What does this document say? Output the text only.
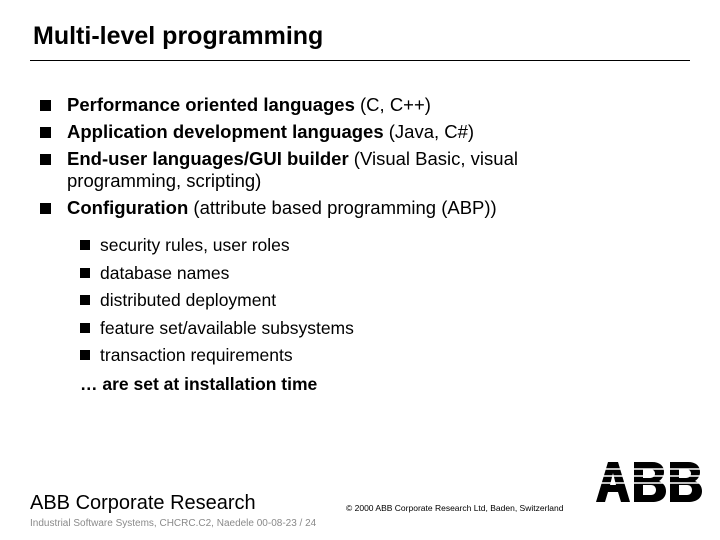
Multi-level programming
Performance oriented languages (C, C++)
Application development languages (Java, C#)
End-user languages/GUI builder (Visual Basic, visual
programming, scripting)
Configuration (attribute based programming (ABP))
security rules, user roles
database names
distributed deployment
feature set/available subsystems
transaction requirements
… are set at installation time
ABB Corporate Research
Industrial Software Systems, CHCRC.C2, Naedele 00-08-23 / 24
© 2000 ABB Corporate Research Ltd, Baden, Switzerland
